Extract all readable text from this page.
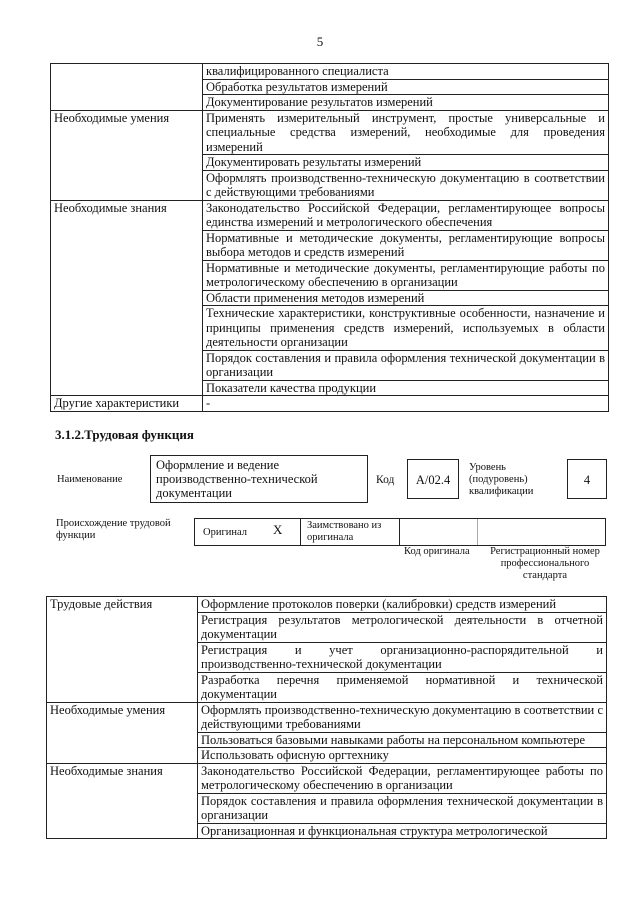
5
	квалифицированного специалиста
	Обработка результатов измерений
	Документирование результатов измерений
Необходимые умения	Применять измерительный инструмент, простые универсальные и специальные средства измерений, необходимые для проведения измерений
	Документировать результаты измерений
	Оформлять производственно-техническую документацию в соответствии с действующими требованиями
Необходимые знания	Законодательство Российской Федерации, регламентирующее вопросы единства измерений и метрологического обеспечения
	Нормативные и методические документы, регламентирующие вопросы выбора методов и средств измерений
	Нормативные и методические документы, регламентирующие работы по метрологическому обеспечению в организации
	Области применения методов измерений
	Технические характеристики, конструктивные особенности, назначение и принципы применения средств измерений, используемых в области деятельности организации
	Порядок составления и правила оформления технической документации в организации
	Показатели качества продукции
Другие характеристики	-
3.1.2.Трудовая функция
Наименование
Оформление и ведение производственно-технической документации
Код	A/02.4
Уровень (подуровень) квалификации
4
Происхождение трудовой функции	Оригинал X Заимствовано из оригинала
Код оригинала	Регистрационный номер профессионального стандарта
Трудовые действия	Оформление протоколов поверки (калибровки) средств измерений
	Регистрация результатов метрологической деятельности в отчетной документации
	Регистрация и учет организационно-распорядительной и производственно-технической документации
	Разработка перечня применяемой нормативной и технической документации
Необходимые умения	Оформлять производственно-техническую документацию в соответствии с действующими требованиями
	Пользоваться базовыми навыками работы на персональном компьютере
	Использовать офисную оргтехнику
Необходимые знания	Законодательство Российской Федерации, регламентирующее работы по метрологическому обеспечению в организации
	Порядок составления и правила оформления технической документации в организации
	Организационная и функциональная структура метрологической
